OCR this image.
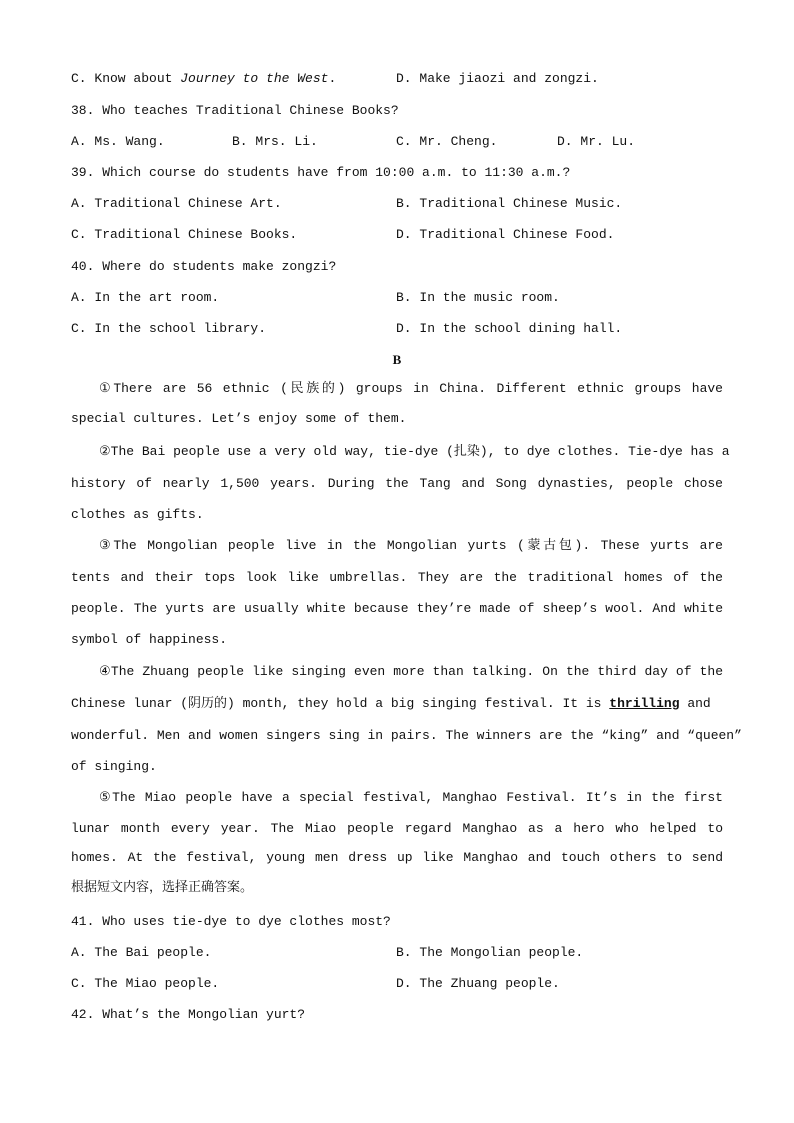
C. Know about Journey to the West.	D. Make jiaozi and zongzi.
38. Who teaches Traditional Chinese Books?
A. Ms. Wang.	B. Mrs. Li.	C. Mr. Cheng.	D. Mr. Lu.
39. Which course do students have from 10:00 a.m. to 11:30 a.m.?
A. Traditional Chinese Art.	B. Traditional Chinese Music.
C. Traditional Chinese Books.	D. Traditional Chinese Food.
40. Where do students make zongzi?
A. In the art room.	B. In the music room.
C. In the school library.	D. In the school dining hall.
B
①There are 56 ethnic (民族的) groups in China. Different ethnic groups have
special cultures. Let’s enjoy some of them.
②The Bai people use a very old way, tie-dye (扎染), to dye clothes. Tie-dye has a
history of nearly 1,500 years. During the Tang and Song dynasties, people chose
clothes as gifts.
③The Mongolian people live in the Mongolian yurts (蒙古包). These yurts are
tents and their tops look like umbrellas. They are the traditional homes of the
people. The yurts are usually white because they’re made of sheep’s wool. And white
symbol of happiness.
④The Zhuang people like singing even more than talking. On the third day of the
Chinese lunar (阴历的) month, they hold a big singing festival. It is thrilling and
wonderful. Men and women singers sing in pairs. The winners are the “king” and “queen”
of singing.
⑤The Miao people have a special festival, Manghao Festival. It’s in the first
lunar month every year. The Miao people regard Manghao as a hero who helped to
homes. At the festival, young men dress up like Manghao and touch others to send
根据短文内容，选择正确答案。
41. Who uses tie-dye to dye clothes most?
A. The Bai people.	B. The Mongolian people.
C. The Miao people.	D. The Zhuang people.
42. What’s the Mongolian yurt?
